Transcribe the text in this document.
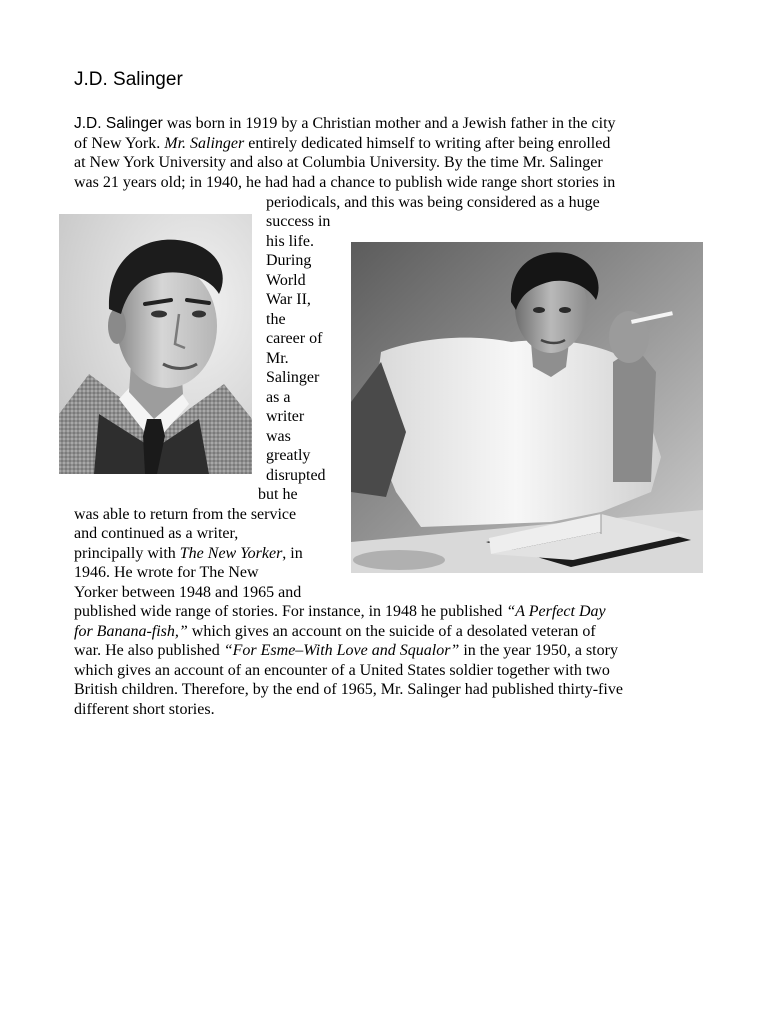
J.D. Salinger
J.D. Salinger was born in 1919 by a Christian mother and a Jewish father in the city
of New York. Mr. Salinger entirely dedicated himself to writing after being enrolled
at New York University and also at Columbia University. By the time Mr. Salinger
was 21 years old; in 1940, he had had a chance to publish wide range short stories in
periodicals, and this was being considered as a huge
success in
his life.
During
World
War II,
the
career of
Mr.
Salinger
as a
writer
was
greatly
disrupted
but he
was able to return from the service
and continued as a writer,
principally with The New Yorker, in
1946. He wrote for The New
Yorker between 1948 and 1965 and
published wide range of stories. For instance, in 1948 he published “A Perfect Day
for Banana-fish,” which gives an account on the suicide of a desolated veteran of
war. He also published “For Esme–With Love and Squalor” in the year 1950, a story
which gives an account of an encounter of a United States soldier together with two
British children. Therefore, by the end of 1965, Mr. Salinger had published thirty-five
different short stories.
